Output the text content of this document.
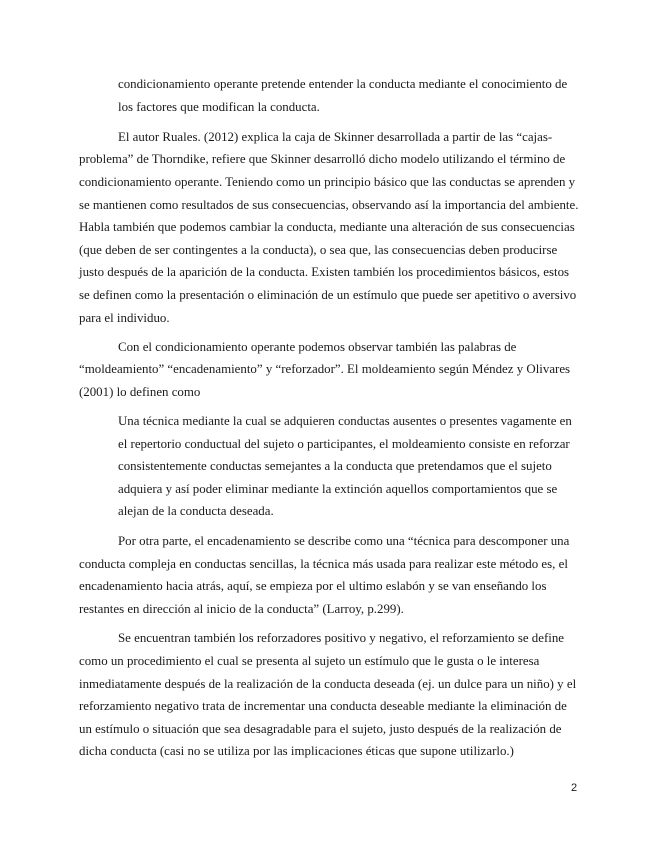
condicionamiento operante pretende entender la conducta mediante el conocimiento de
los factores que modifican la conducta.
El autor Ruales. (2012) explica la caja de Skinner desarrollada a partir de las “cajas-
problema” de Thorndike, refiere que Skinner desarrolló dicho modelo utilizando el término de
condicionamiento operante. Teniendo como un principio básico que las conductas se aprenden y
se mantienen como resultados de sus consecuencias, observando así la importancia del ambiente.
Habla también que podemos cambiar la conducta, mediante una alteración de sus consecuencias
(que deben de ser contingentes a la conducta), o sea que, las consecuencias deben producirse
justo después de la aparición de la conducta. Existen también los procedimientos básicos, estos
se definen como la presentación o eliminación de un estímulo que puede ser apetitivo o aversivo
para el individuo.
Con el condicionamiento operante podemos observar también las palabras de
“moldeamiento” “encadenamiento” y “reforzador”. El moldeamiento según Méndez y Olivares
(2001) lo definen como
Una técnica mediante la cual se adquieren conductas ausentes o presentes vagamente en
el repertorio conductual del sujeto o participantes, el moldeamiento consiste en reforzar
consistentemente conductas semejantes a la conducta que pretendamos que el sujeto
adquiera y así poder eliminar mediante la extinción aquellos comportamientos que se
alejan de la conducta deseada.
Por otra parte, el encadenamiento se describe como una “técnica para descomponer una
conducta compleja en conductas sencillas, la técnica más usada para realizar este método es, el
encadenamiento hacia atrás, aquí, se empieza por el ultimo eslabón y se van enseñando los
restantes en dirección al inicio de la conducta” (Larroy, p.299).
Se encuentran también los reforzadores positivo y negativo, el reforzamiento se define
como un procedimiento el cual se presenta al sujeto un estímulo que le gusta o le interesa
inmediatamente después de la realización de la conducta deseada (ej. un dulce para un niño) y el
reforzamiento negativo trata de incrementar una conducta deseable mediante la eliminación de
un estímulo o situación que sea desagradable para el sujeto, justo después de la realización de
dicha conducta (casi no se utiliza por las implicaciones éticas que supone utilizarlo.)
2
